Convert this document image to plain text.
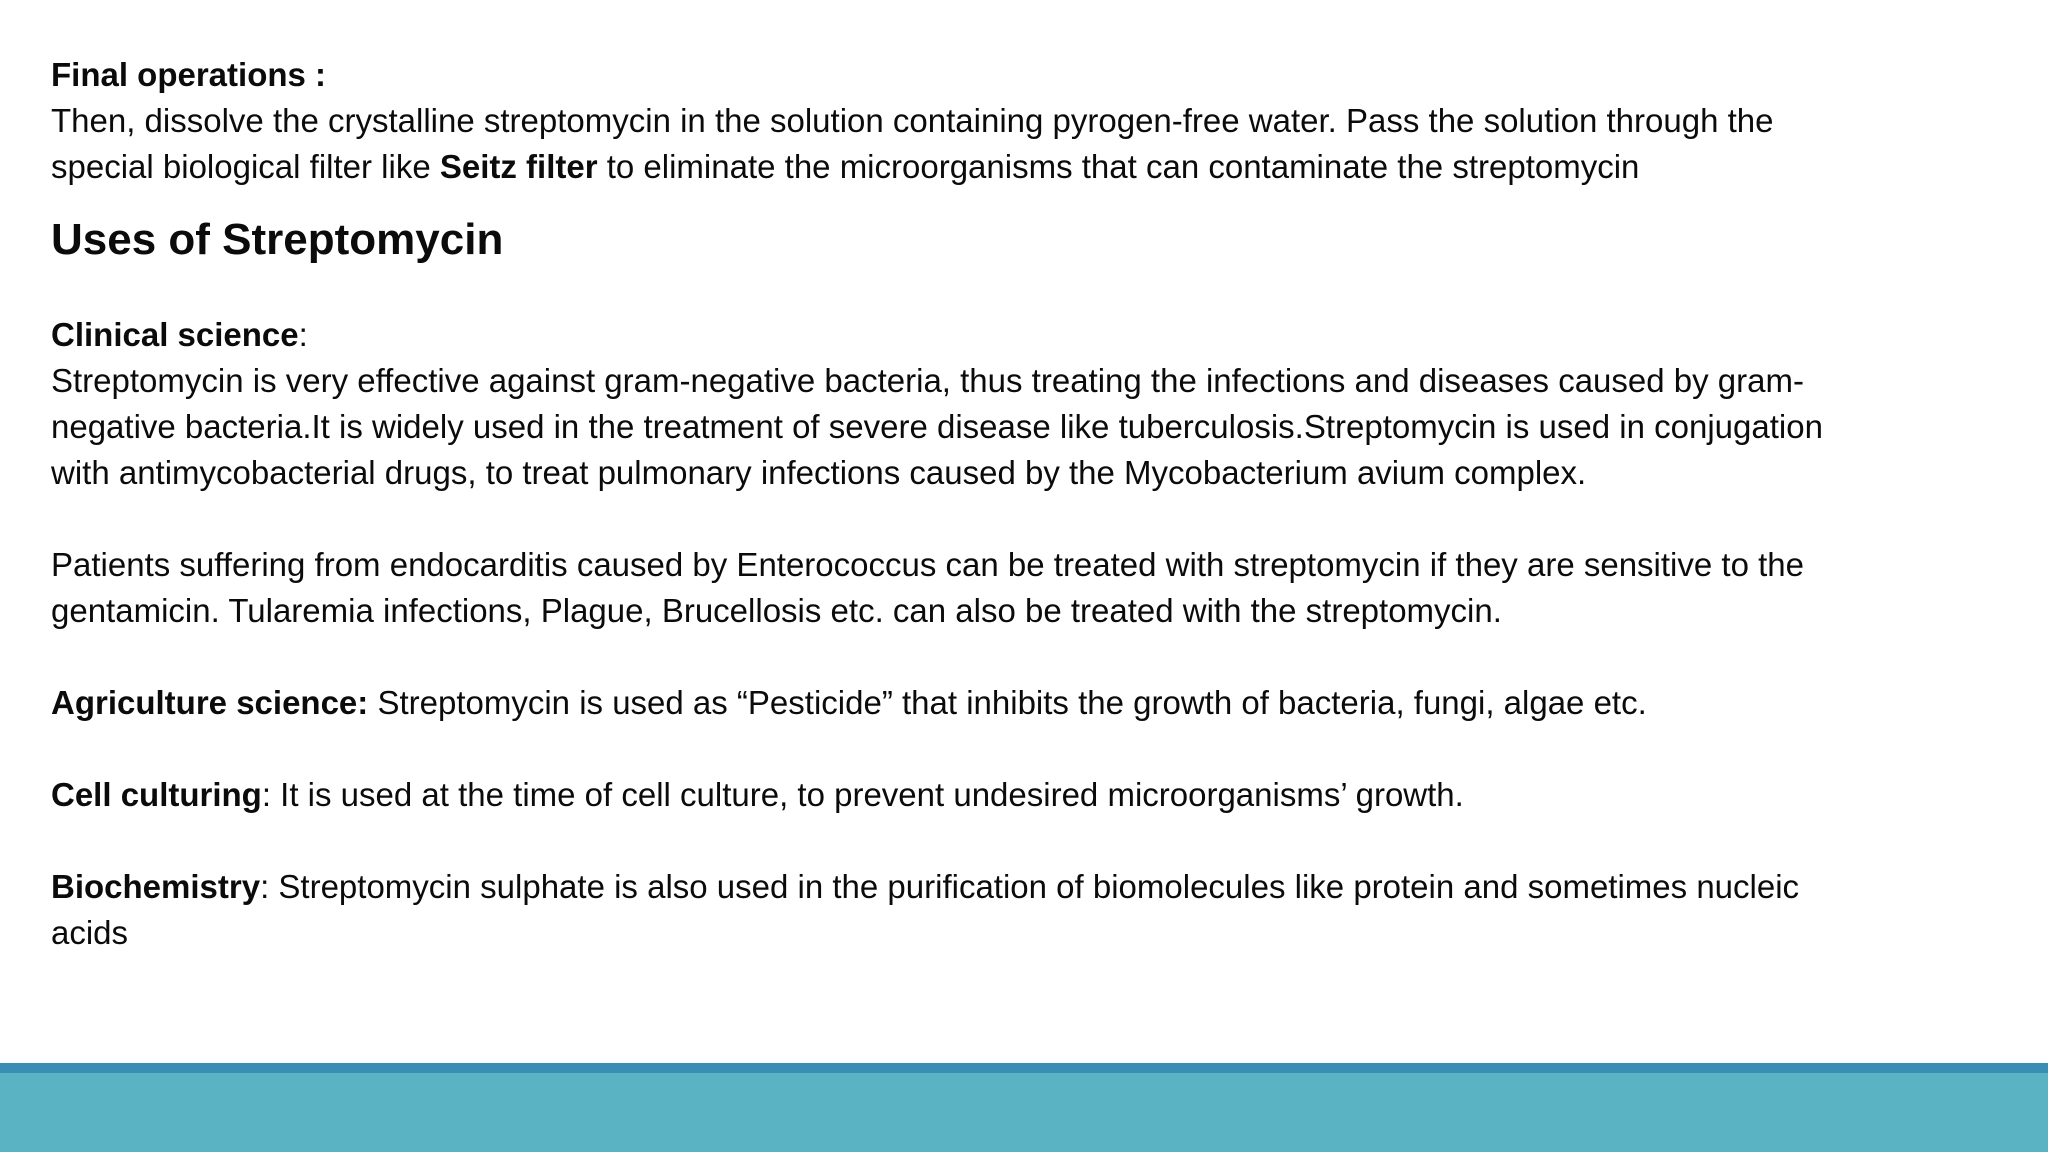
Final operations :

Then, dissolve the crystalline streptomycin in the solution containing pyrogen-free water. Pass the solution through the

special biological filter like Seitz filter to eliminate the microorganisms that can contaminate the streptomycin

Uses of Streptomycin

Clinical science:

Streptomycin is very effective against gram-negative bacteria, thus treating the infections and diseases caused by gram-

negative bacteria.It is widely used in the treatment of severe disease like tuberculosis.Streptomycin is used in conjugation

with antimycobacterial drugs, to treat pulmonary infections caused by the Mycobacterium avium complex.

Patients suffering from endocarditis caused by Enterococcus can be treated with streptomycin if they are sensitive to the

gentamicin. Tularemia infections, Plague, Brucellosis etc. can also be treated with the streptomycin.

Agriculture science: Streptomycin is used as “Pesticide” that inhibits the growth of bacteria, fungi, algae etc.

Cell culturing: It is used at the time of cell culture, to prevent undesired microorganisms’ growth.

Biochemistry: Streptomycin sulphate is also used in the purification of biomolecules like protein and sometimes nucleic

acids
